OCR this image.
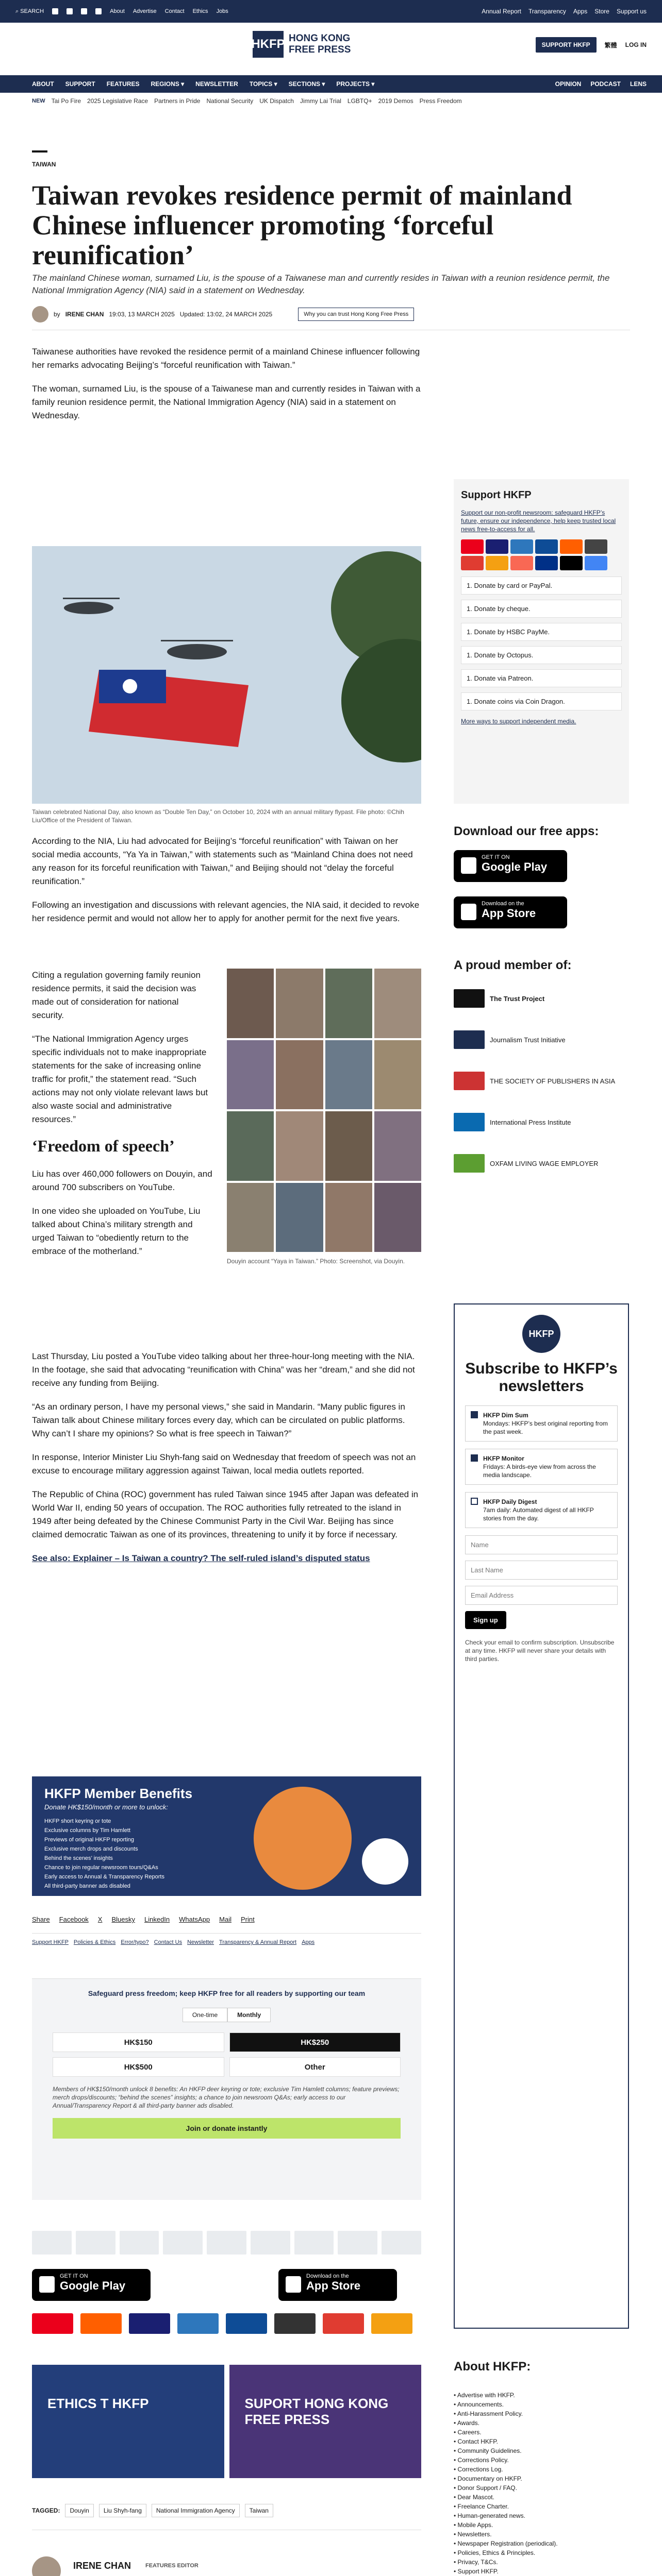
⌕ SEARCH	About Advertise Contact Ethics Jobs	Annual Report Transparency Apps Store Support us
HKFP HONG KONG
FREE PRESS	SUPPORT HKFP	繁體 LOG IN
ABOUT SUPPORT FEATURES REGIONS ▾ NEWSLETTER TOPICS ▾ SECTIONS ▾ PROJECTS ▾	OPINION PODCAST LENS
NEW Tai Po Fire 2025 Legislative Race Partners in Pride National Security UK Dispatch Jimmy Lai Trial LGBTQ+ 2019 Demos Press Freedom
TAIWAN
Taiwan revokes residence permit of mainland Chinese influencer promoting ‘forceful reunification’
The mainland Chinese woman, surnamed Liu, is the spouse of a Taiwanese man and currently resides in Taiwan with a reunion residence permit, the National Immigration Agency (NIA) said in a statement on Wednesday.
by IRENE CHAN 19:03, 13 MARCH 2025 Updated: 13:02, 24 MARCH 2025	Why you can trust Hong Kong Free Press

Taiwanese authorities have revoked the residence permit of a mainland Chinese influencer following her remarks advocating Beijing’s “forceful reunification with Taiwan.”

The woman, surnamed Liu, is the spouse of a Taiwanese man and currently resides in Taiwan with a family reunion residence permit, the National Immigration Agency (NIA) said in a statement on Wednesday.

Taiwan celebrated National Day, also known as “Double Ten Day,” on October 10, 2024 with an annual military flypast. File photo: ©Chih Liu/Office of the President of Taiwan.

According to the NIA, Liu had advocated for Beijing’s “forceful reunification” with Taiwan on her social media accounts, “Ya Ya in Taiwan,” with statements such as “Mainland China does not need any reason for its forceful reunification with Taiwan,” and Beijing should not “delay the forceful reunification.”

Following an investigation and discussions with relevant agencies, the NIA said, it decided to revoke her residence permit and would not allow her to apply for another permit for the next five years.

Citing a regulation governing family reunion residence permits, it said the decision was made out of consideration for national security.

“The National Immigration Agency urges specific individuals not to make inappropriate statements for the sake of increasing online traffic for profit,” the statement read. “Such actions may not only violate relevant laws but also waste social and administrative resources.”

‘Freedom of speech’

Liu has over 460,000 followers on Douyin, and around 700 subscribers on YouTube.

In one video she uploaded on YouTube, Liu talked about China’s military strength and urged Taiwan to “obediently return to the embrace of the motherland.”

Douyin account “Yaya in Taiwan.” Photo: Screenshot, via Douyin.

Last Thursday, Liu posted a YouTube video talking about her three-hour-long meeting with the NIA. In the footage, she said that advocating “reunification with China” was her “dream,” and she did not receive any funding from Beijing.

“As an ordinary person, I have my personal views,” she said in Mandarin. “Many public figures in Taiwan talk about Chinese military forces every day, which can be circulated on public platforms. Why can’t I share my opinions? So what is free speech in Taiwan?”

In response, Interior Minister Liu Shyh-fang said on Wednesday that freedom of speech was not an excuse to encourage military aggression against Taiwan, local media outlets reported.

The Republic of China (ROC) government has ruled Taiwan since 1945 after Japan was defeated in World War II, ending 50 years of occupation. The ROC authorities fully retreated to the island in 1949 after being defeated by the Chinese Communist Party in the Civil War. Beijing has since claimed democratic Taiwan as one of its provinces, threatening to unify it by force if necessary.

See also: Explainer – Is Taiwan a country? The self-ruled island’s disputed status

HKFP Member Benefits
Donate HK$150/month or more to unlock:
HKFP short keyring or tote
Exclusive columns by Tim Hamlett
Previews of original HKFP reporting
Exclusive merch drops and discounts
Behind the scenes’ insights
Chance to join regular newsroom tours/Q&As
Early access to Annual & Transparency Reports
All third-party banner ads disabled
Share Facebook X Bluesky LinkedIn WhatsApp Mail Print
Support HKFP Policies & Ethics Error/typo? Contact Us Newsletter Transparency & Annual Report Apps
Safeguard press freedom; keep HKFP free for all readers by supporting our team
One-time	Monthly
HK$150	HK$250
HK$500	Other
Members of HK$150/month unlock 8 benefits: An HKFP deer keyring or tote; exclusive Tim Hamlett columns; feature previews; merch drops/discounts; “behind the scenes” insights; a chance to join newsroom Q&As; early access to our Annual/Transparency Report & all third-party banner ads disabled.
Join or donate instantly
GET IT ON
Google Play
Download on the
App Store
ETHICS T HKFP	SUPORT HONG KONG FREE PRESS
TAGGED:	Douyin	Liu Shyh-fang	National Immigration Agency	Taiwan
IRENE CHAN	FEATURES EDITOR

Support HKFP
Support our non-profit newsroom: safeguard HKFP’s future, ensure our independence, help keep trusted local news free-to-access for all.
1. Donate by card or PayPal.
1. Donate by cheque.
1. Donate by HSBC PayMe.
1. Donate by Octopus.
1. Donate via Patreon.
1. Donate coins via Coin Dragon.
More ways to support independent media.
Download our free apps:
GET IT ON
Google Play
Download on the
App Store
A proud member of:
The Trust Project
Journalism Trust Initiative
THE SOCIETY OF PUBLISHERS IN ASIA
International Press Institute
OXFAM LIVING WAGE EMPLOYER
HKFP
Subscribe to HKFP’s newsletters
HKFP Dim Sum
Mondays: HKFP’s best original reporting from the past week.
HKFP Monitor
Fridays: A birds-eye view from across the media landscape.
HKFP Daily Digest
7am daily: Automated digest of all HKFP stories from the day.
Name
Last Name
Email Address
Sign up
Check your email to confirm subscription. Unsubscribe at any time. HKFP will never share your details with third parties.
About HKFP:
• Advertise with HKFP.
• Announcements.
• Anti-Harassment Policy.
• Awards.
• Careers.
• Contact HKFP.
• Community Guidelines.
• Corrections Policy.
• Corrections Log.
• Documentary on HKFP.
• Donor Support / FAQ.
• Dear Mascot.
• Freelance Charter.
• Human-generated news.
• Mobile Apps.
• Newsletters.
• Newspaper Registration (periodical).
• Policies, Ethics & Principles.
• Privacy, T&Cs.
• Support HKFP.
